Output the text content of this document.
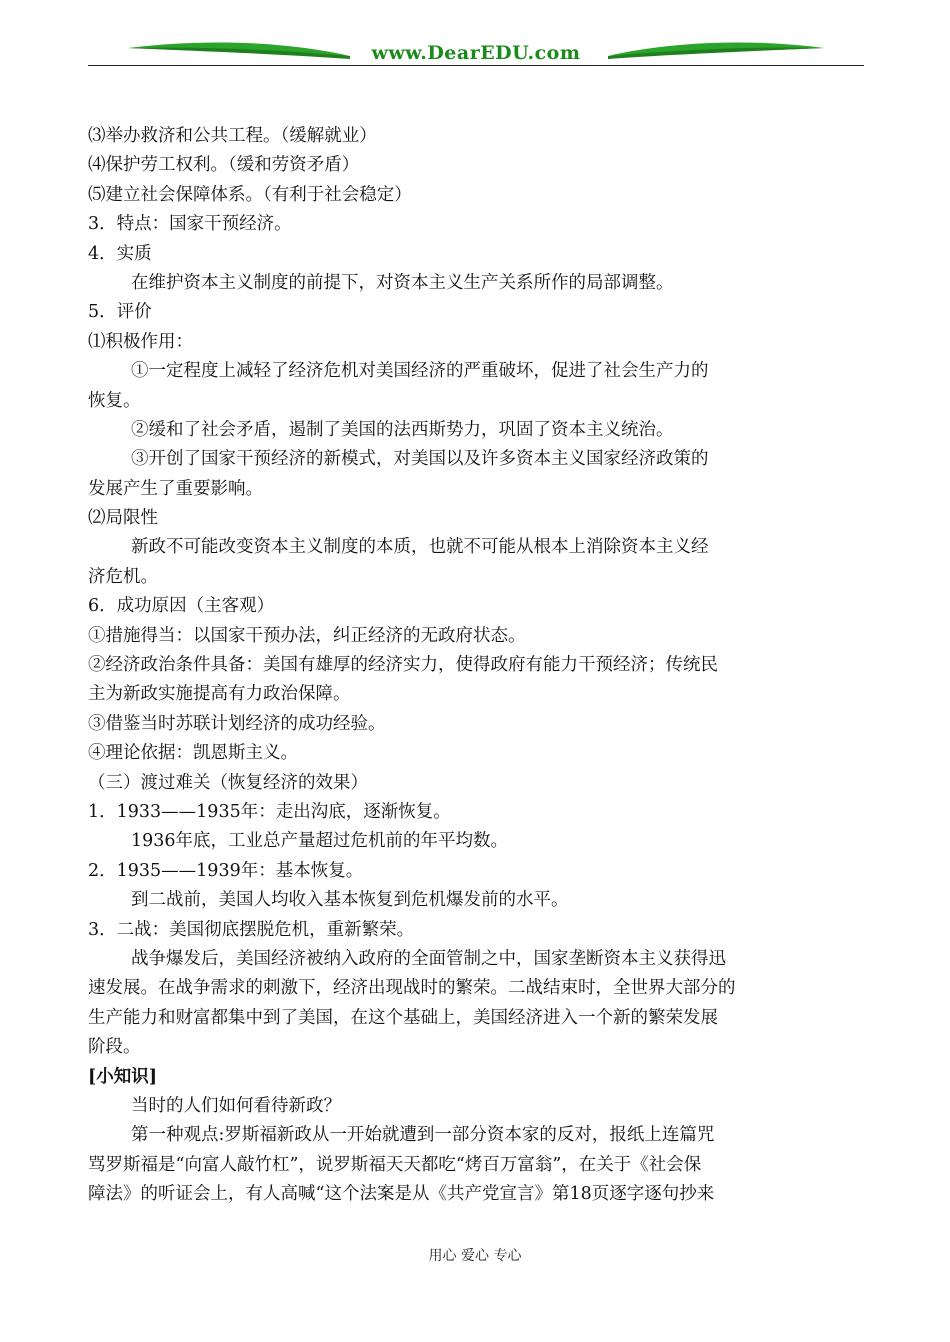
www.DearEDU.com
⑶举办救济和公共工程。（缓解就业）
⑷保护劳工权利。（缓和劳资矛盾）
⑸建立社会保障体系。（有利于社会稳定）
3．特点：国家干预经济。
4．实质
在维护资本主义制度的前提下，对资本主义生产关系所作的局部调整。
5．评价
⑴积极作用：
①一定程度上减轻了经济危机对美国经济的严重破坏，促进了社会生产力的
恢复。
②缓和了社会矛盾，遏制了美国的法西斯势力，巩固了资本主义统治。
③开创了国家干预经济的新模式，对美国以及许多资本主义国家经济政策的
发展产生了重要影响。
⑵局限性
新政不可能改变资本主义制度的本质，也就不可能从根本上消除资本主义经
济危机。
6．成功原因（主客观）
①措施得当：以国家干预办法，纠正经济的无政府状态。
②经济政治条件具备：美国有雄厚的经济实力，使得政府有能力干预经济；传统民
主为新政实施提高有力政治保障。
③借鉴当时苏联计划经济的成功经验。
④理论依据：凯恩斯主义。
（三）渡过难关（恢复经济的效果）
1．1933——1935年：走出沟底，逐渐恢复。
1936年底，工业总产量超过危机前的年平均数。
2．1935——1939年：基本恢复。
到二战前，美国人均收入基本恢复到危机爆发前的水平。
3．二战：美国彻底摆脱危机，重新繁荣。
战争爆发后，美国经济被纳入政府的全面管制之中，国家垄断资本主义获得迅
速发展。在战争需求的刺激下，经济出现战时的繁荣。二战结束时，全世界大部分的
生产能力和财富都集中到了美国，在这个基础上，美国经济进入一个新的繁荣发展
阶段。
[小知识]
当时的人们如何看待新政？
第一种观点:罗斯福新政从一开始就遭到一部分资本家的反对，报纸上连篇咒
骂罗斯福是“向富人敲竹杠”，说罗斯福天天都吃“烤百万富翁”，在关于《社会保
障法》的听证会上，有人高喊“这个法案是从《共产党宣言》第18页逐字逐句抄来
用心 爱心 专心
